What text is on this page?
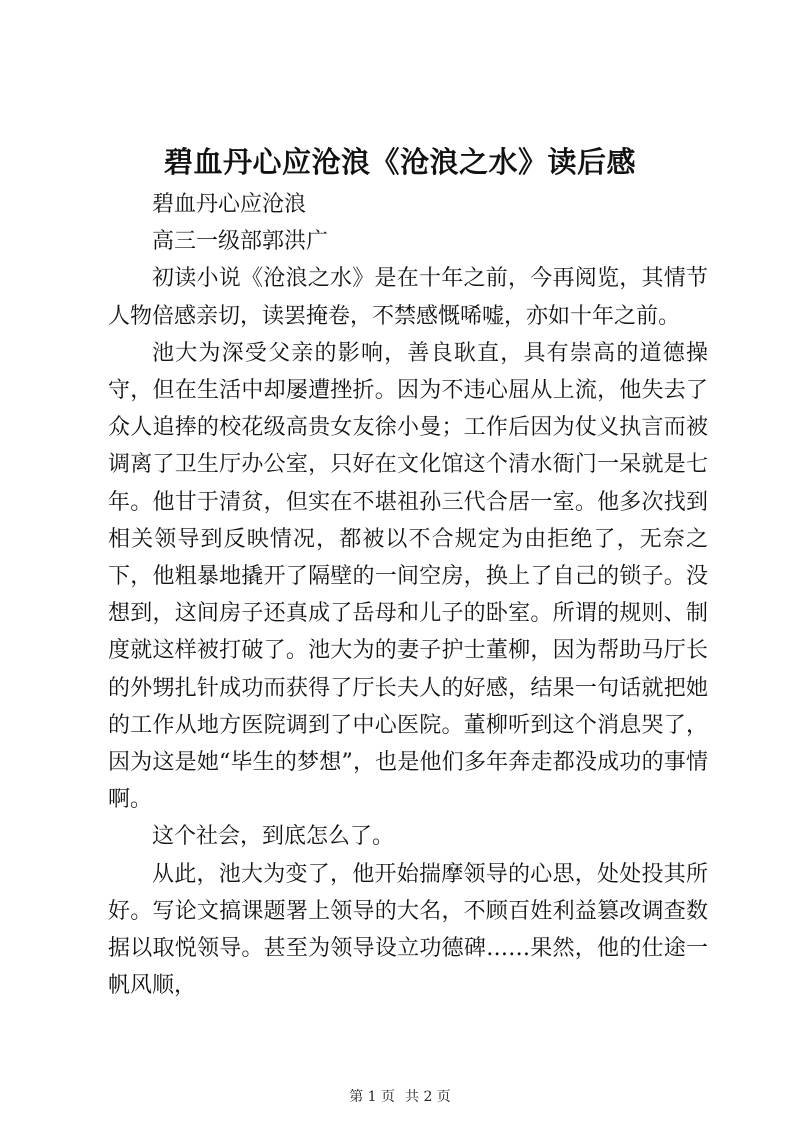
碧血丹心应沧浪《沧浪之水》读后感

碧血丹心应沧浪

高三一级部郭洪广

初读小说《沧浪之水》是在十年之前，今再阅览，其情节人物倍感亲切，读罢掩卷，不禁感慨唏嘘，亦如十年之前。

池大为深受父亲的影响，善良耿直，具有崇高的道德操守，但在生活中却屡遭挫折。因为不违心屈从上流，他失去了众人追捧的校花级高贵女友徐小曼；工作后因为仗义执言而被调离了卫生厅办公室，只好在文化馆这个清水衙门一呆就是七年。他甘于清贫，但实在不堪祖孙三代合居一室。他多次找到相关领导到反映情况，都被以不合规定为由拒绝了，无奈之下，他粗暴地撬开了隔壁的一间空房，换上了自己的锁子。没想到，这间房子还真成了岳母和儿子的卧室。所谓的规则、制度就这样被打破了。池大为的妻子护士董柳，因为帮助马厅长的外甥扎针成功而获得了厅长夫人的好感，结果一句话就把她的工作从地方医院调到了中心医院。董柳听到这个消息哭了，因为这是她“毕生的梦想”，也是他们多年奔走都没成功的事情啊。

这个社会，到底怎么了。

从此，池大为变了，他开始揣摩领导的心思，处处投其所好。写论文搞课题署上领导的大名，不顾百姓利益篡改调查数据以取悦领导。甚至为领导设立功德碑……果然，他的仕途一帆风顺，

第 1 页 共 2 页
